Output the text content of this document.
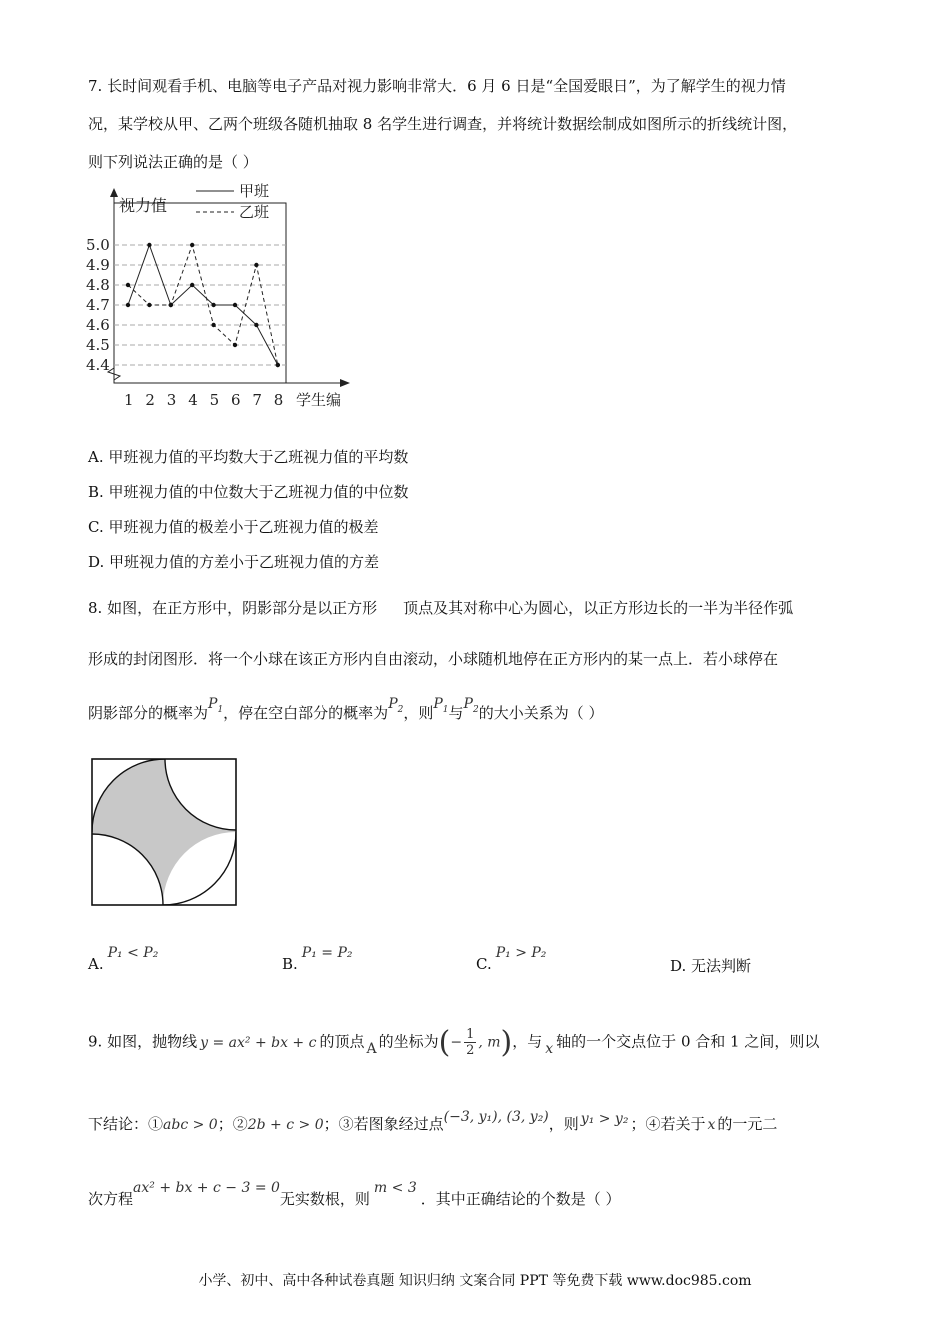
7. 长时间观看手机、电脑等电子产品对视力影响非常大．6 月 6 日是“全国爱眼日”，为了解学生的视力情
况，某学校从甲、乙两个班级各随机抽取 8 名学生进行调查，并将统计数据绘制成如图所示的折线统计图，
则下列说法正确的是（ ）
甲班
乙班
视力值
学生编
5.0
4.9
4.8
4.7
4.6
4.5
4.4
1 2 3 4 5 6 7 8
A. 甲班视力值的平均数大于乙班视力值的平均数
B. 甲班视力值的中位数大于乙班视力值的中位数
C. 甲班视力值的极差小于乙班视力值的极差
D. 甲班视力值的方差小于乙班视力值的方差
8. 如图，在正方形中，阴影部分是以正方形 顶点及其对称中心为圆心，以正方形边长的一半为半径作弧
形成的封闭图形．将一个小球在该正方形内自由滚动，小球随机地停在正方形内的某一点上．若小球停在
阴影部分的概率为$P_1$，停在空白部分的概率为$P_2$，则$P_1$与$P_2$的大小关系为（ ）
A.P₁ < P₂
B.P₁ = P₂
C.P₁ > P₂
D. 无法判断
9. 如图，抛物线 y = ax² + bx + c 的顶点 A 的坐标为(− $\frac{1}{2}$ , m)，与 x 轴的一个交点位于 0 合和 1 之间，则以
下结论：①abc > 0；②2b + c > 0；③若图象经过点(−3, y₁), (3, y₂)，则 y₁ > y₂ ；④若关于 x 的一元二
次方程ax² + bx + c − 3 = 0无实数根，则m < 3．其中正确结论的个数是（ ）
小学、初中、高中各种试卷真题 知识归纳 文案合同 PPT 等免费下载 www.doc985.com
